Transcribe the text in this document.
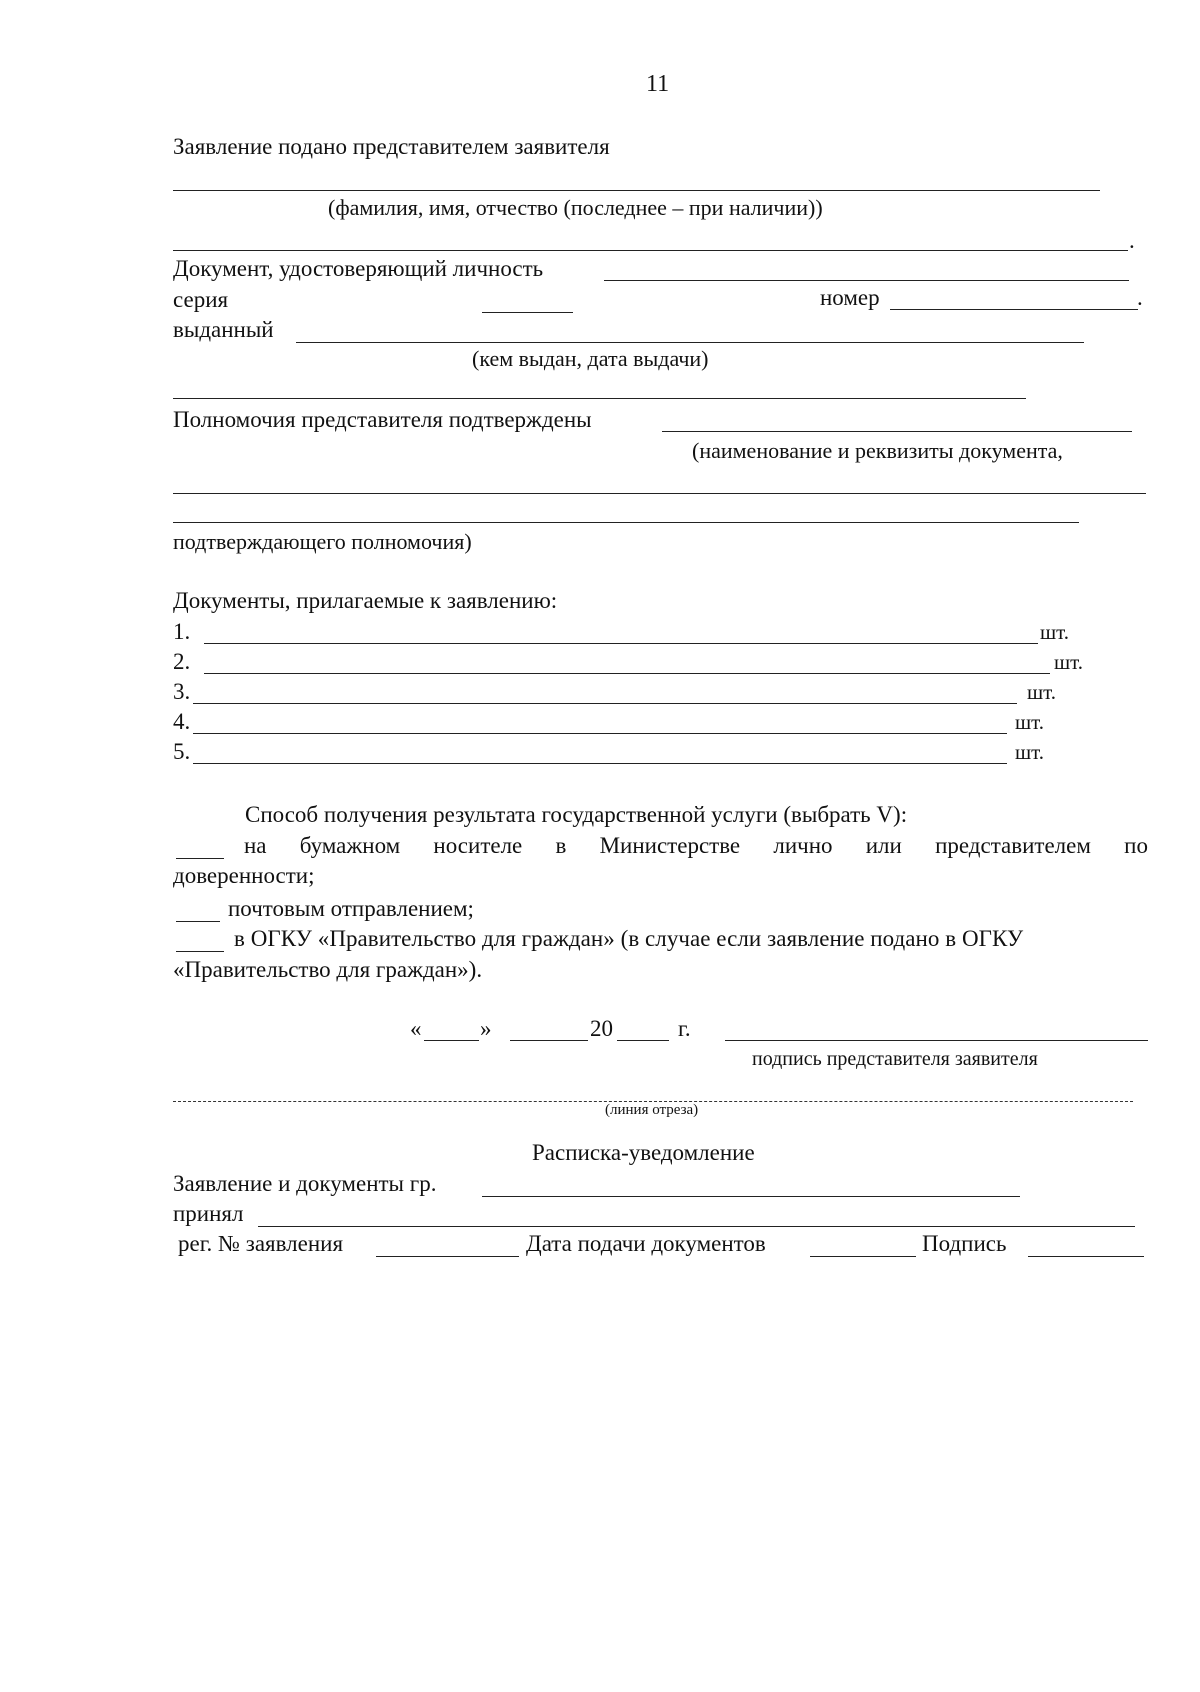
11
Заявление подано представителем заявителя
(фамилия, имя, отчество (последнее – при наличии))
.
Документ, удостоверяющий личность
серия	номер	.
выданный
(кем выдан, дата выдачи)
Полномочия представителя подтверждены
(наименование и реквизиты документа,
подтверждающего полномочия)
Документы, прилагаемые к заявлению:
1.	шт.
2.	шт.
3.	шт.
4.	шт.
5.	шт.
Способ получения результата государственной услуги (выбрать V):
на бумажном носителе в Министерстве лично или представителем по
доверенности;
почтовым отправлением;
в ОГКУ «Правительство для граждан» (в случае если заявление подано в ОГКУ
«Правительство для граждан»).
«	»	20	г.
подпись представителя заявителя
(линия отреза)
Расписка-уведомление
Заявление и документы гр.
принял
рег. № заявления	Дата подачи документов	Подпись
